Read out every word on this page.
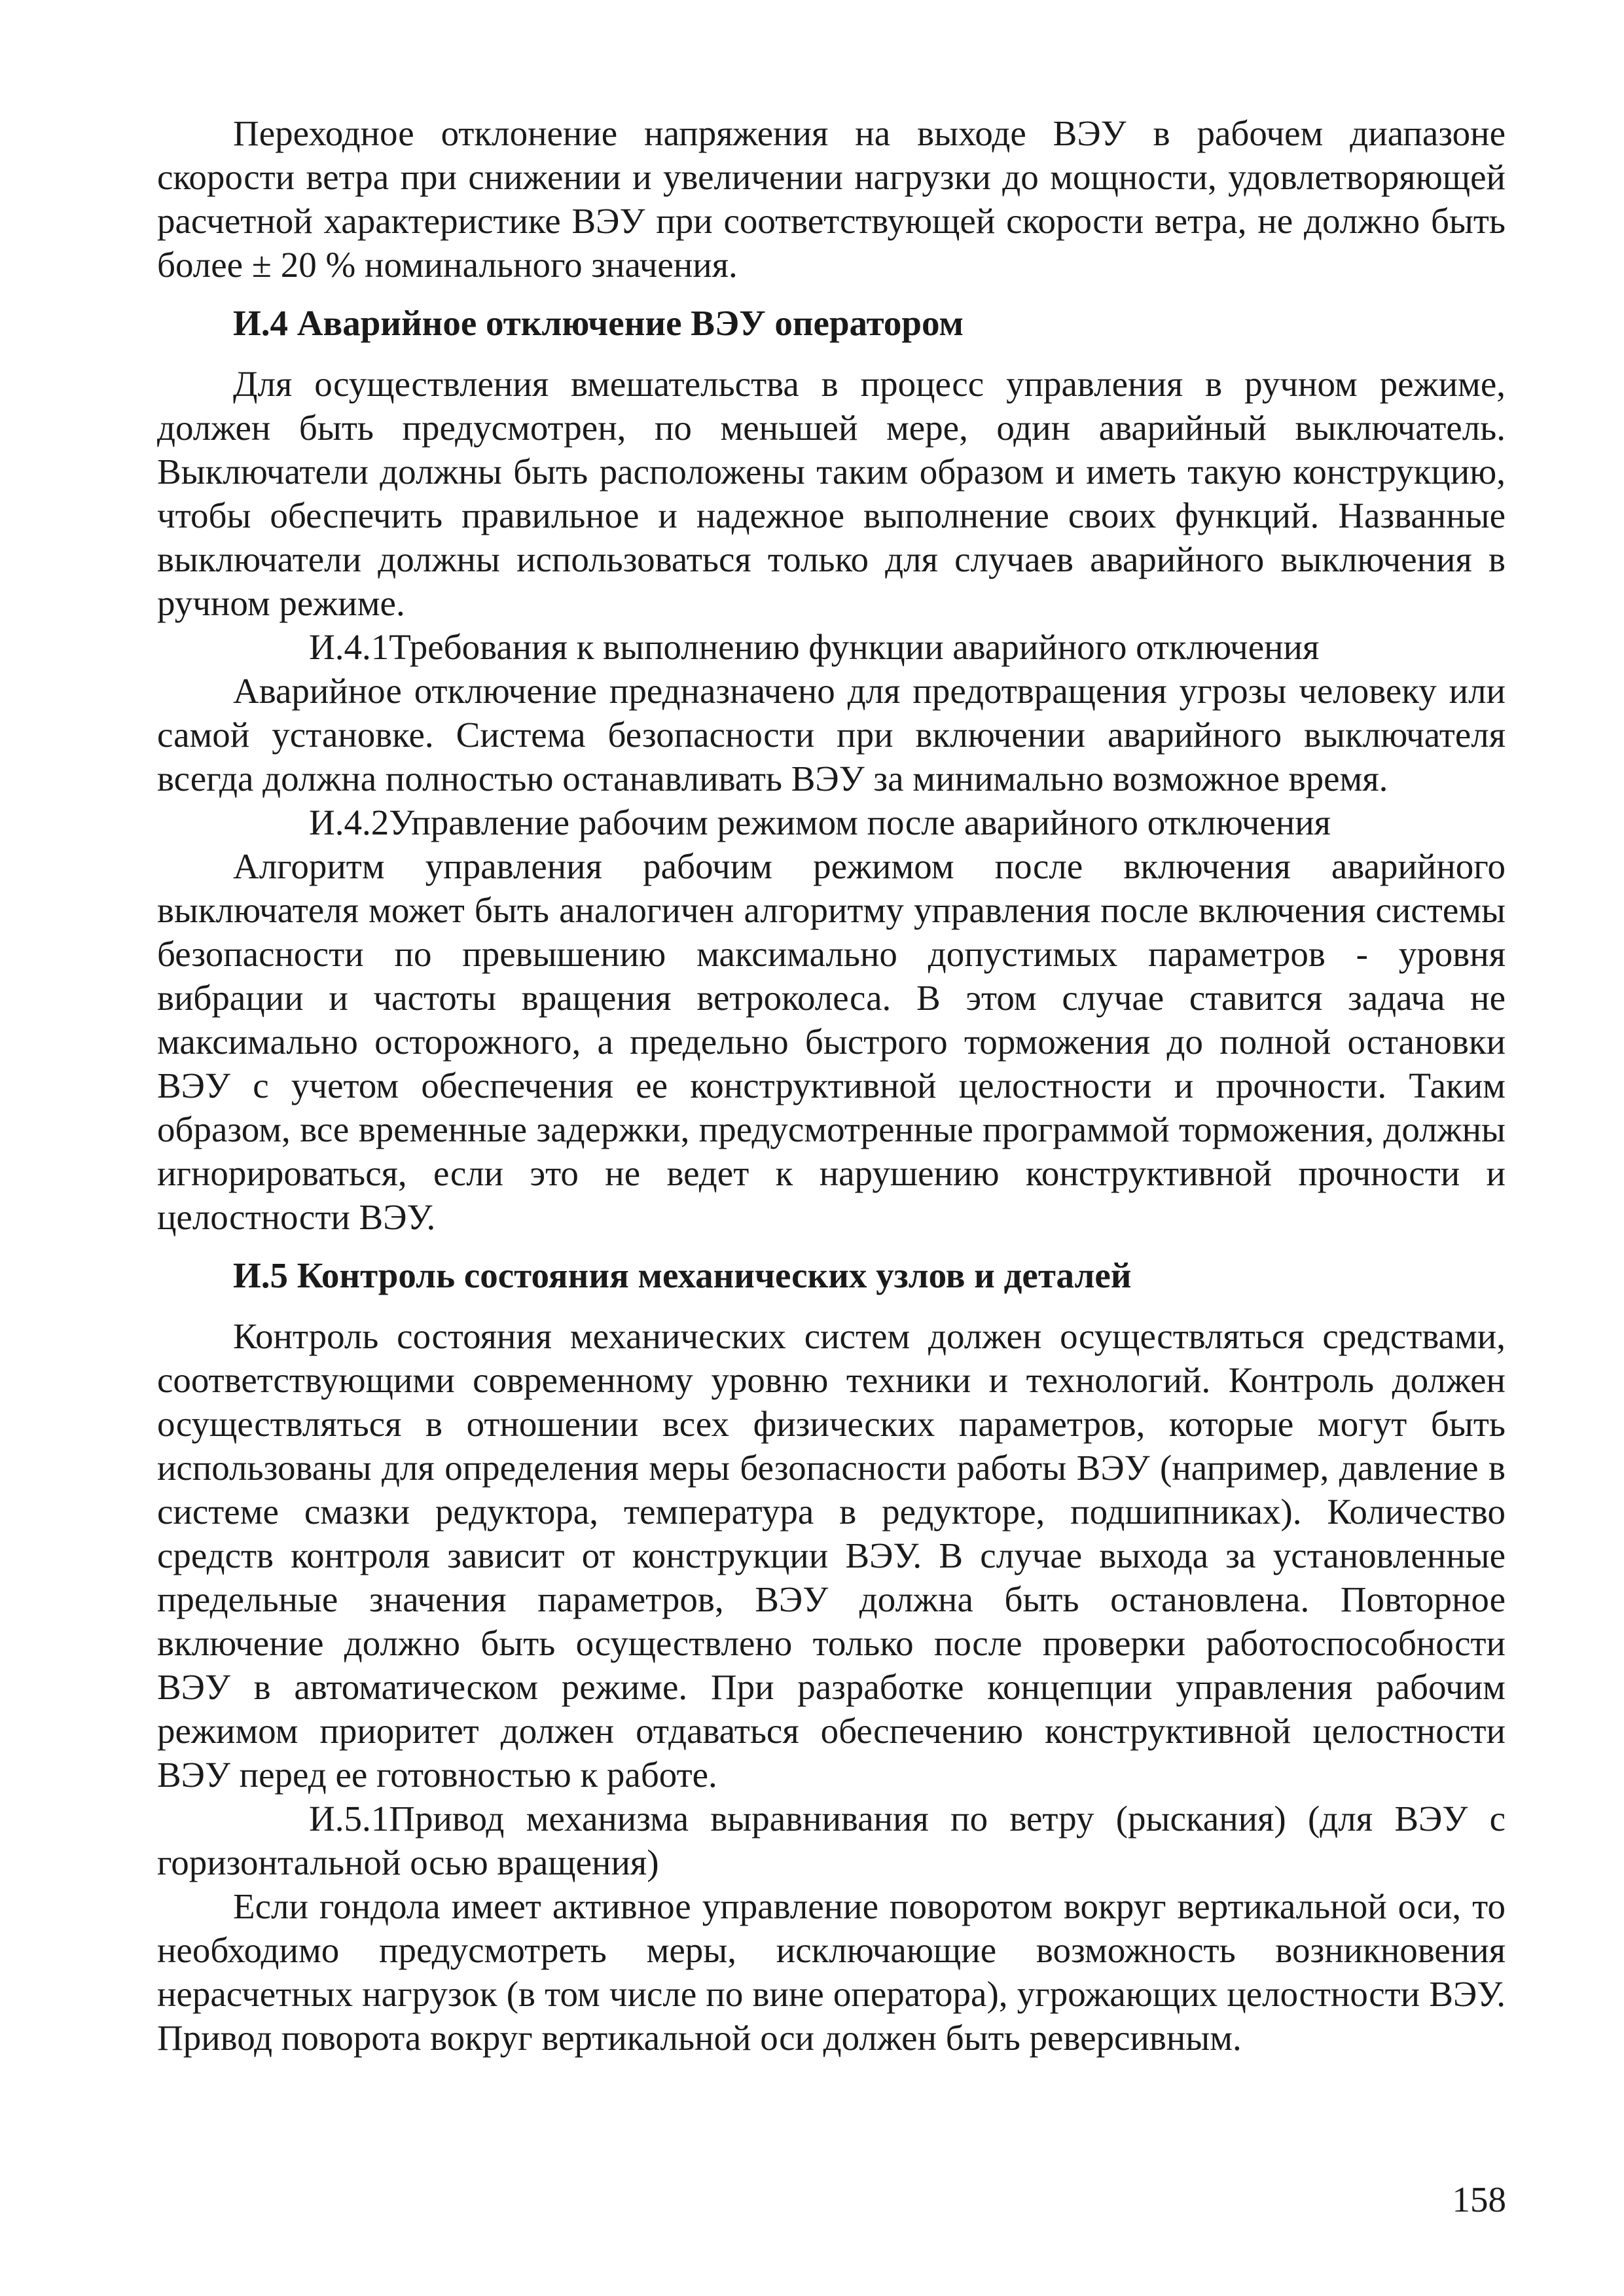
Переходное отклонение напряжения на выходе ВЭУ в рабочем диапазоне скорости ветра при снижении и увеличении нагрузки до мощности, удовлетворяющей расчетной характеристике ВЭУ при соответствующей скорости ветра, не должно быть более ± 20 % номинального значения.

И.4 Аварийное отключение ВЭУ оператором

Для осуществления вмешательства в процесс управления в ручном режиме, должен быть предусмотрен, по меньшей мере, один аварийный выключатель. Выключатели должны быть расположены таким образом и иметь такую конструкцию, чтобы обеспечить правильное и надежное выполнение своих функций. Названные выключатели должны использоваться только для случаев аварийного выключения в ручном режиме.

И.4.1Требования к выполнению функции аварийного отключения

Аварийное отключение предназначено для предотвращения угрозы человеку или самой установке. Система безопасности при включении аварийного выключателя всегда должна полностью останавливать ВЭУ за минимально возможное время.

И.4.2Управление рабочим режимом после аварийного отключения

Алгоритм управления рабочим режимом после включения аварийного выключателя может быть аналогичен алгоритму управления после включения системы безопасности по превышению максимально допустимых параметров - уровня вибрации и частоты вращения ветроколеса. В этом случае ставится задача не максимально осторожного, а предельно быстрого торможения до полной остановки ВЭУ с учетом обеспечения ее конструктивной целостности и прочности. Таким образом, все временные задержки, предусмотренные программой торможения, должны игнорироваться, если это не ведет к нарушению конструктивной прочности и целостности ВЭУ.

И.5 Контроль состояния механических узлов и деталей

Контроль состояния механических систем должен осуществляться средствами, соответствующими современному уровню техники и технологий. Контроль должен осуществляться в отношении всех физических параметров, которые могут быть использованы для определения меры безопасности работы ВЭУ (например, давление в системе смазки редуктора, температура в редукторе, подшипниках). Количество средств контроля зависит от конструкции ВЭУ. В случае выхода за установленные предельные значения параметров, ВЭУ должна быть остановлена. Повторное включение должно быть осуществлено только после проверки работоспособности ВЭУ в автоматическом режиме. При разработке концепции управления рабочим режимом приоритет должен отдаваться обеспечению конструктивной целостности ВЭУ перед ее готовностью к работе.

И.5.1Привод механизма выравнивания по ветру (рыскания) (для ВЭУ с горизонтальной осью вращения)

Если гондола имеет активное управление поворотом вокруг вертикальной оси, то необходимо предусмотреть меры, исключающие возможность возникновения нерасчетных нагрузок (в том числе по вине оператора), угрожающих целостности ВЭУ. Привод поворота вокруг вертикальной оси должен быть реверсивным.

158
